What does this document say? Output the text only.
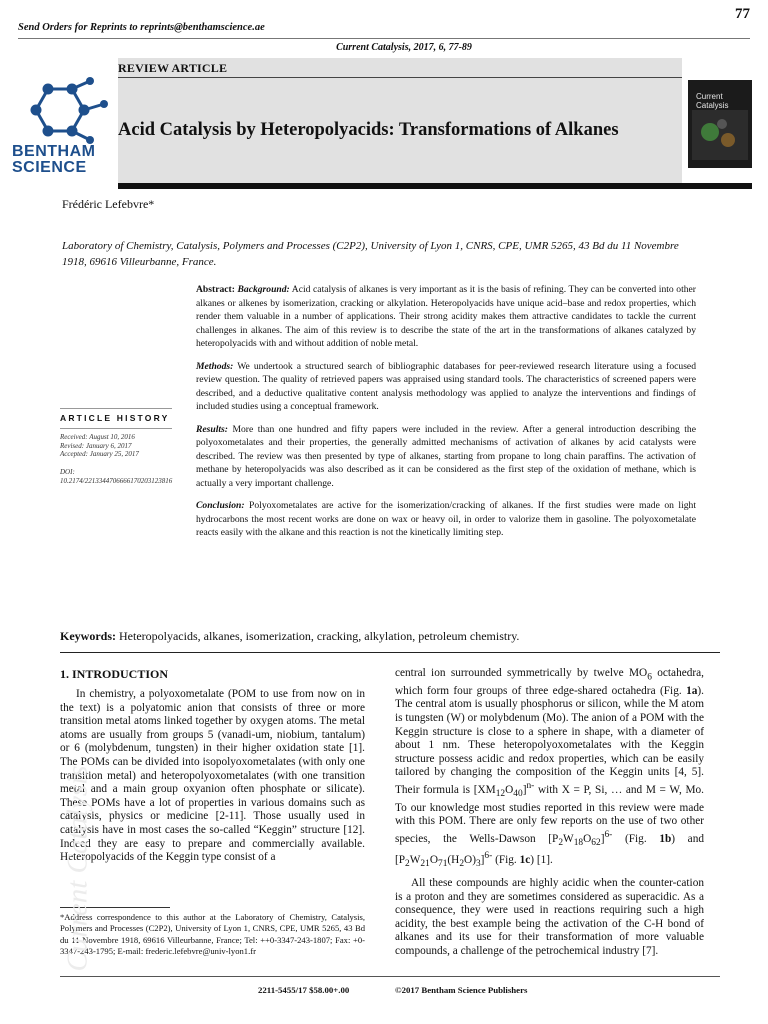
Send Orders for Reprints to reprints@benthamscience.ae
77
Current Catalysis, 2017, 6, 77-89
REVIEW ARTICLE
Acid Catalysis by Heteropolyacids: Transformations of Alkanes
BENTHAM
SCIENCE
Current
Catalysis
Frédéric Lefebvre*
Laboratory of Chemistry, Catalysis, Polymers and Processes (C2P2), University of Lyon 1, CNRS, CPE, UMR 5265, 43 Bd du 11 Novembre 1918, 69616 Villeurbanne, France.

Abstract: Background: Acid catalysis of alkanes is very important as it is the basis of refining. They can be converted into other alkanes or alkenes by isomerization, cracking or alkylation. Heteropolyacids have unique acid–base and redox properties, which render them valuable in a number of applications. Their strong acidity makes them attractive candidates to tackle the current challenges in alkanes. The aim of this review is to describe the state of the art in the transformations of alkanes catalyzed by heteropolyacids with and without addition of noble metal.

Methods: We undertook a structured search of bibliographic databases for peer-reviewed research literature using a focused review question. The quality of retrieved papers was appraised using standard tools. The characteristics of screened papers were described, and a deductive qualitative content analysis methodology was applied to analyze the interventions and findings of included studies using a conceptual framework.

Results: More than one hundred and fifty papers were included in the review. After a general introduction describing the polyoxometalates and their properties, the generally admitted mechanisms of activation of alkanes by acid catalysts were described. The review was then presented by type of alkanes, starting from propane to long chain paraffins. The activation of methane by heteropolyacids was also described as it can be considered as the first step of the oxidation of methane, which is actually a very important challenge.

Conclusion: Polyoxometalates are active for the isomerization/cracking of alkanes. If the first studies were made on light hydrocarbons the most recent works are done on wax or heavy oil, in order to valorize them in gasoline. The polyoxometalate reacts easily with the alkane and this reaction is not the kinetically limiting step.

ARTICLE HISTORY
Received: August 10, 2016
Revised: January 6, 2017
Accepted: January 25, 2017
DOI:
10.2174/2213344706666170203123816
Keywords: Heteropolyacids, alkanes, isomerization, cracking, alkylation, petroleum chemistry.
1. INTRODUCTION

In chemistry, a polyoxometalate (POM to use from now on in the text) is a polyatomic anion that consists of three or more transition metal atoms linked together by oxygen atoms. The metal atoms are usually from groups 5 (vanadi-um, niobium, tantalum) or 6 (molybdenum, tungsten) in their higher oxidation state [1]. The POMs can be divided into isopolyoxometalates (with only one transition metal) and heteropolyoxometalates (with one transition metal and a main group oxyanion often phosphate or silicate). These POMs have a lot of properties in various domains such as catalysis, physics or medicine [2-11]. Those usually used in catalysis have in most cases the so-called “Keggin” structure [12]. Indeed they are easy to prepare and commercially available. Heteropolyacids of the Keggin type consist of a

central ion surrounded symmetrically by twelve $MO_6$ octahedra, which form four groups of three edge-shared octahedra (Fig. 1a). The central atom is usually phosphorus or silicon, while the M atom is tungsten (W) or molybdenum (Mo). The anion of a POM with the Keggin structure is close to a sphere in shape, with a diameter of about 1 nm. These heteropolyoxometalates with the Keggin structure possess acidic and redox properties, which can be easily tailored by changing the composition of the Keggin units [4, 5]. Their formula is $[XM_{12}O_{40}]^{n-}$ with X = P, Si, … and M = W, Mo. To our knowledge most studies reported in this review were made with this POM. There are only few reports on the use of two other species, the Wells-Dawson $[P_2W_{18}O_{62}]^{6-}$ (Fig. 1b) and $[P_2W_{21}O_{71}(H_2O)_3]^{6-}$ (Fig. 1c) [1].

All these compounds are highly acidic when the counter-cation is a proton and they are sometimes considered as superacidic. As a consequence, they were used in reactions requiring such a high acidity, the best example being the activation of the C-H bond of alkanes and its use for their transformation of more valuable compounds, a challenge of the petrochemical industry [7].

*Address correspondence to this author at the Laboratory of Chemistry, Catalysis, Polymers and Processes (C2P2), University of Lyon 1, CNRS, CPE, UMR 5265, 43 Bd du 11 Novembre 1918, 69616 Villeurbanne, France; Tel: ++0-3347-243-1807; Fax: +0-3347-243-1795; E-mail: frederic.lefebvre@univ-lyon1.fr
2211-5455/17 $58.00+.00	©2017 Bentham Science Publishers
Current Catalysis
